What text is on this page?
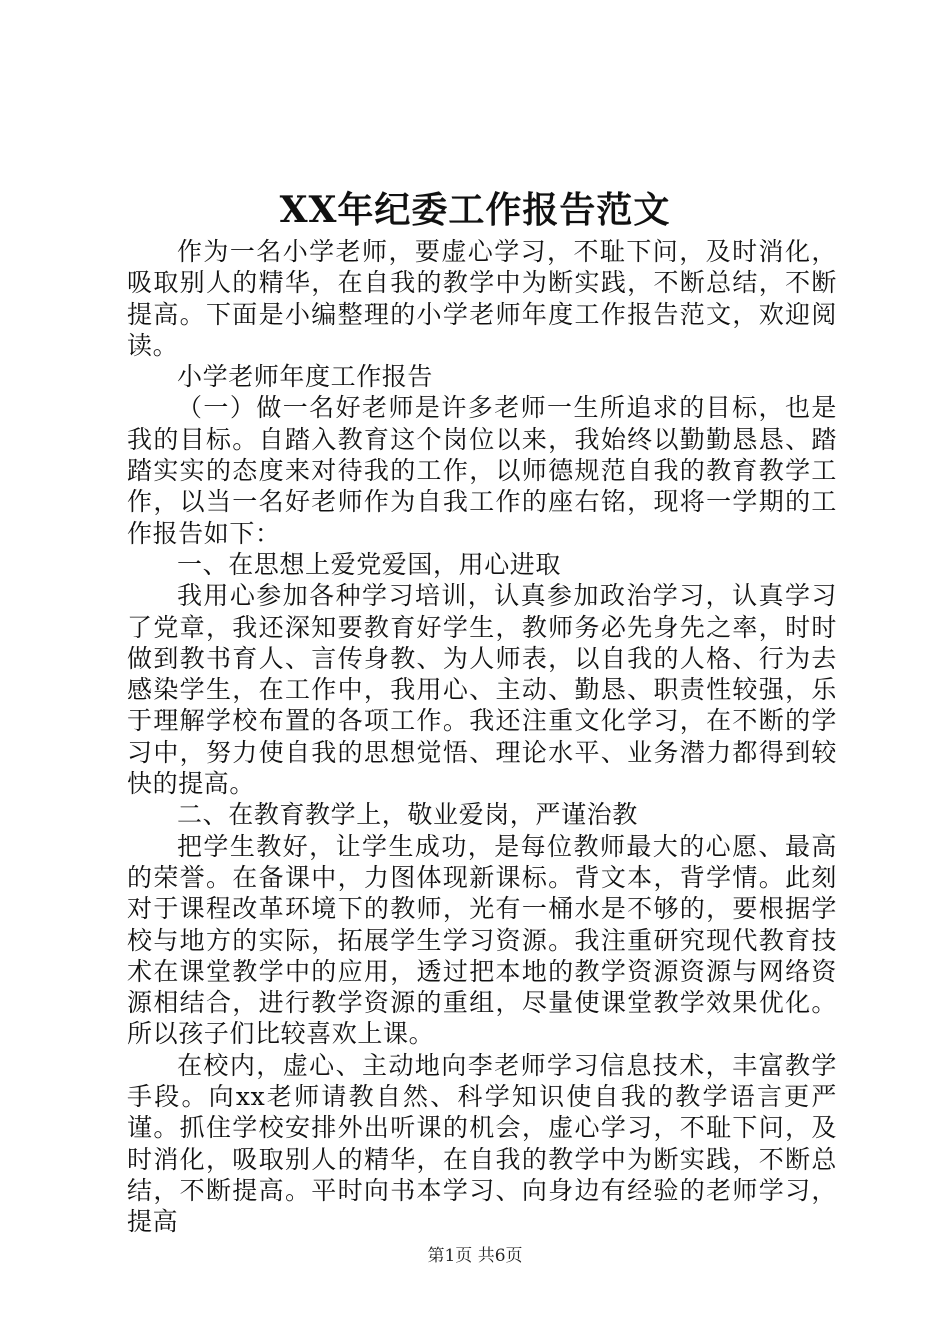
XX年纪委工作报告范文

作为一名小学老师，要虚心学习，不耻下问，及时消化，吸取别人的精华，在自我的教学中为断实践，不断总结，不断提高。下面是小编整理的小学老师年度工作报告范文，欢迎阅读。

小学老师年度工作报告

（一）做一名好老师是许多老师一生所追求的目标，也是我的目标。自踏入教育这个岗位以来，我始终以勤勤恳恳、踏踏实实的态度来对待我的工作，以师德规范自我的教育教学工作，以当一名好老师作为自我工作的座右铭，现将一学期的工作报告如下：

一、在思想上爱党爱国，用心进取

我用心参加各种学习培训，认真参加政治学习，认真学习了党章，我还深知要教育好学生，教师务必先身先之率，时时做到教书育人、言传身教、为人师表，以自我的人格、行为去感染学生，在工作中，我用心、主动、勤恳、职责性较强，乐于理解学校布置的各项工作。我还注重文化学习，在不断的学习中，努力使自我的思想觉悟、理论水平、业务潜力都得到较快的提高。

二、在教育教学上，敬业爱岗，严谨治教

把学生教好，让学生成功，是每位教师最大的心愿、最高的荣誉。在备课中，力图体现新课标。背文本，背学情。此刻对于课程改革环境下的教师，光有一桶水是不够的，要根据学校与地方的实际，拓展学生学习资源。我注重研究现代教育技术在课堂教学中的应用，透过把本地的教学资源资源与网络资源相结合，进行教学资源的重组，尽量使课堂教学效果优化。所以孩子们比较喜欢上课。

在校内，虚心、主动地向李老师学习信息技术，丰富教学手段。向xx老师请教自然、科学知识使自我的教学语言更严谨。抓住学校安排外出听课的机会，虚心学习，不耻下问，及时消化，吸取别人的精华，在自我的教学中为断实践，不断总结，不断提高。平时向书本学习、向身边有经验的老师学习，提高

第1页 共6页
